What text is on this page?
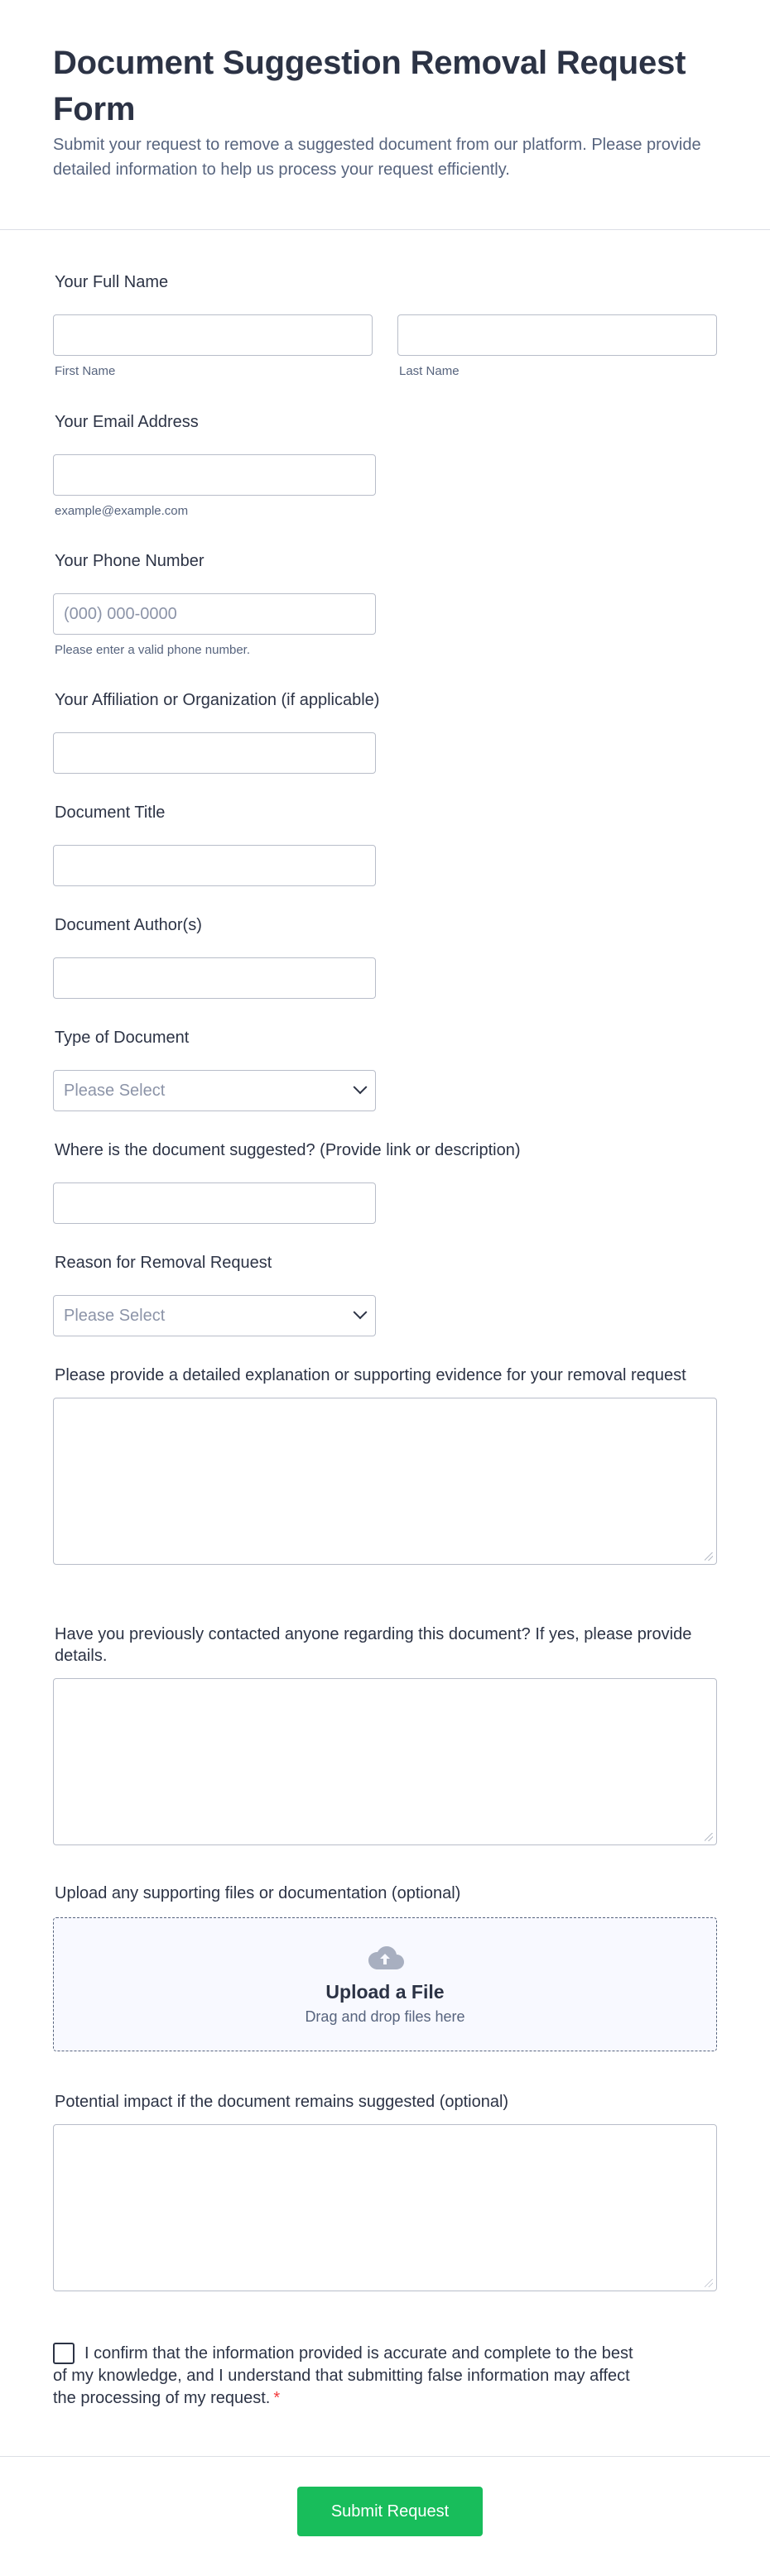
Document Suggestion Removal Request Form

Submit your request to remove a suggested document from our platform. Please provide detailed information to help us process your request efficiently.

Your Full Name
First Name	Last Name
Your Email Address
example@example.com
Your Phone Number
(000) 000-0000
Please enter a valid phone number.
Your Affiliation or Organization (if applicable)
Document Title
Document Author(s)
Type of Document
Please Select
Where is the document suggested? (Provide link or description)
Reason for Removal Request
Please Select
Please provide a detailed explanation or supporting evidence for your removal request
Have you previously contacted anyone regarding this document? If yes, please provide details.
Upload any supporting files or documentation (optional)
Upload a File
Drag and drop files here
Potential impact if the document remains suggested (optional)
I confirm that the information provided is accurate and complete to the best of my knowledge, and I understand that submitting false information may affect the processing of my request. *
Submit Request
